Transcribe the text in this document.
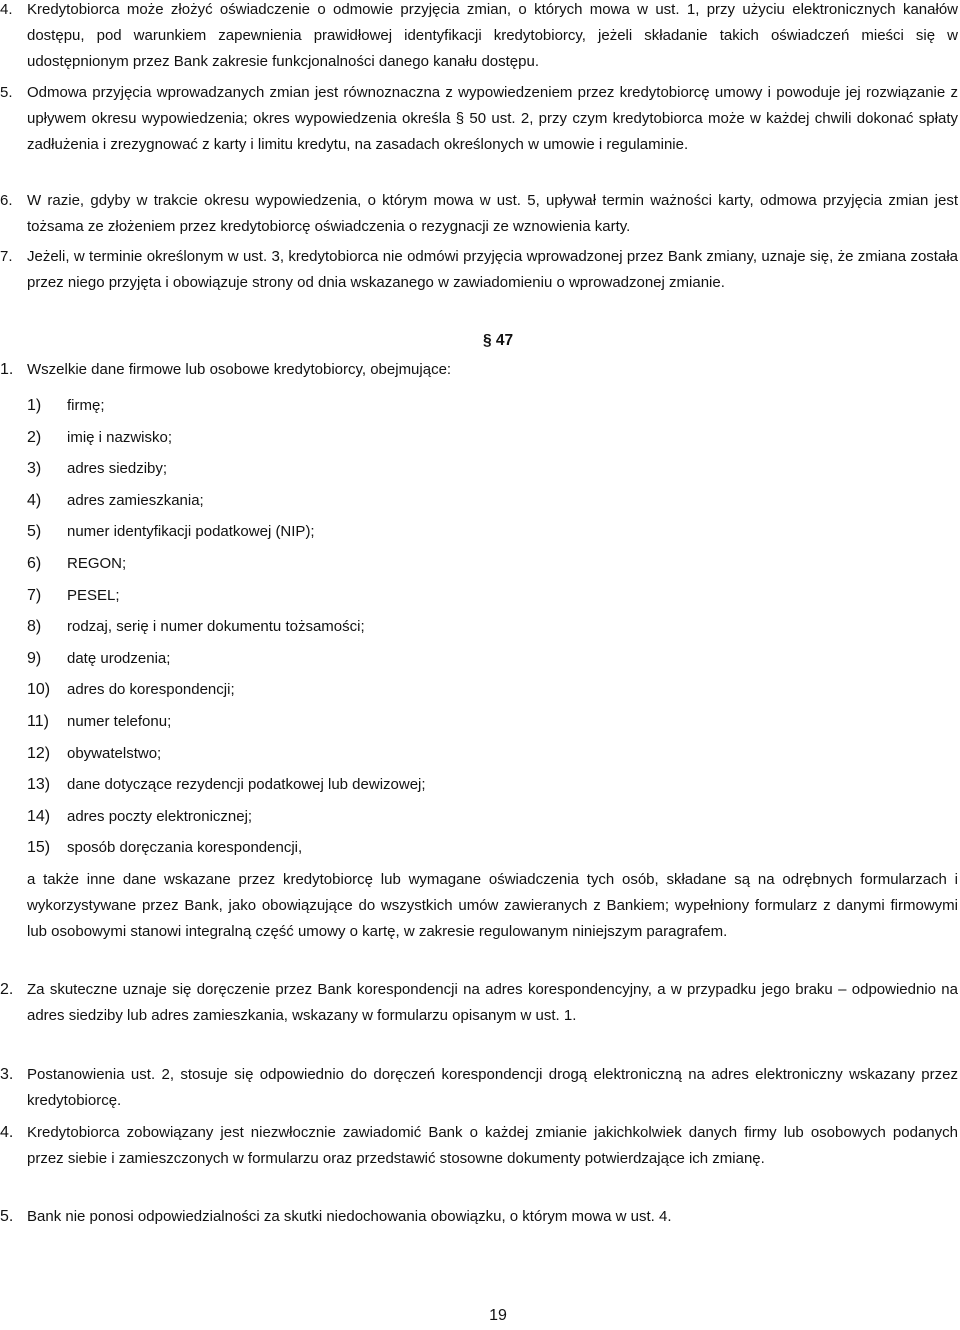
4. Kredytobiorca może złożyć oświadczenie o odmowie przyjęcia zmian, o których mowa w ust. 1, przy użyciu elektronicznych kanałów dostępu, pod warunkiem zapewnienia prawidłowej identyfikacji kredytobiorcy, jeżeli składanie takich oświadczeń mieści się w udostępnionym przez Bank zakresie funkcjonalności danego kanału dostępu.

5. Odmowa przyjęcia wprowadzanych zmian jest równoznaczna z wypowiedzeniem przez kredytobiorcę umowy i powoduje jej rozwiązanie z upływem okresu wypowiedzenia; okres wypowiedzenia określa § 50 ust. 2, przy czym kredytobiorca może w każdej chwili dokonać spłaty zadłużenia i zrezygnować z karty i limitu kredytu, na zasadach określonych w umowie i regulaminie.

6. W razie, gdyby w trakcie okresu wypowiedzenia, o którym mowa w ust. 5, upływał termin ważności karty, odmowa przyjęcia zmian jest tożsama ze złożeniem przez kredytobiorcę oświadczenia o rezygnacji ze wznowienia karty.

7. Jeżeli, w terminie określonym w ust. 3, kredytobiorca nie odmówi przyjęcia wprowadzonej przez Bank zmiany, uznaje się, że zmiana została przez niego przyjęta i obowiązuje strony od dnia wskazanego w zawiadomieniu o wprowadzonej zmianie.

§ 47

1. Wszelkie dane firmowe lub osobowe kredytobiorcy, obejmujące:

1) firmę;
2) imię i nazwisko;
3) adres siedziby;
4) adres zamieszkania;
5) numer identyfikacji podatkowej (NIP);
6) REGON;
7) PESEL;
8) rodzaj, serię i numer dokumentu tożsamości;
9) datę urodzenia;
10) adres do korespondencji;
11) numer telefonu;
12) obywatelstwo;
13) dane dotyczące rezydencji podatkowej lub dewizowej;
14) adres poczty elektronicznej;
15) sposób doręczania korespondencji,

a także inne dane wskazane przez kredytobiorcę lub wymagane oświadczenia tych osób, składane są na odrębnych formularzach i wykorzystywane przez Bank, jako obowiązujące do wszystkich umów zawieranych z Bankiem; wypełniony formularz z danymi firmowymi lub osobowymi stanowi integralną część umowy o kartę, w zakresie regulowanym niniejszym paragrafem.

2. Za skuteczne uznaje się doręczenie przez Bank korespondencji na adres korespondencyjny, a w przypadku jego braku – odpowiednio na adres siedziby lub adres zamieszkania, wskazany w formularzu opisanym w ust. 1.

3. Postanowienia ust. 2, stosuje się odpowiednio do doręczeń korespondencji drogą elektroniczną na adres elektroniczny wskazany przez kredytobiorcę.

4. Kredytobiorca zobowiązany jest niezwłocznie zawiadomić Bank o każdej zmianie jakichkolwiek danych firmy lub osobowych podanych przez siebie i zamieszczonych w formularzu oraz przedstawić stosowne dokumenty potwierdzające ich zmianę.

5. Bank nie ponosi odpowiedzialności za skutki niedochowania obowiązku, o którym mowa w ust. 4.

19
